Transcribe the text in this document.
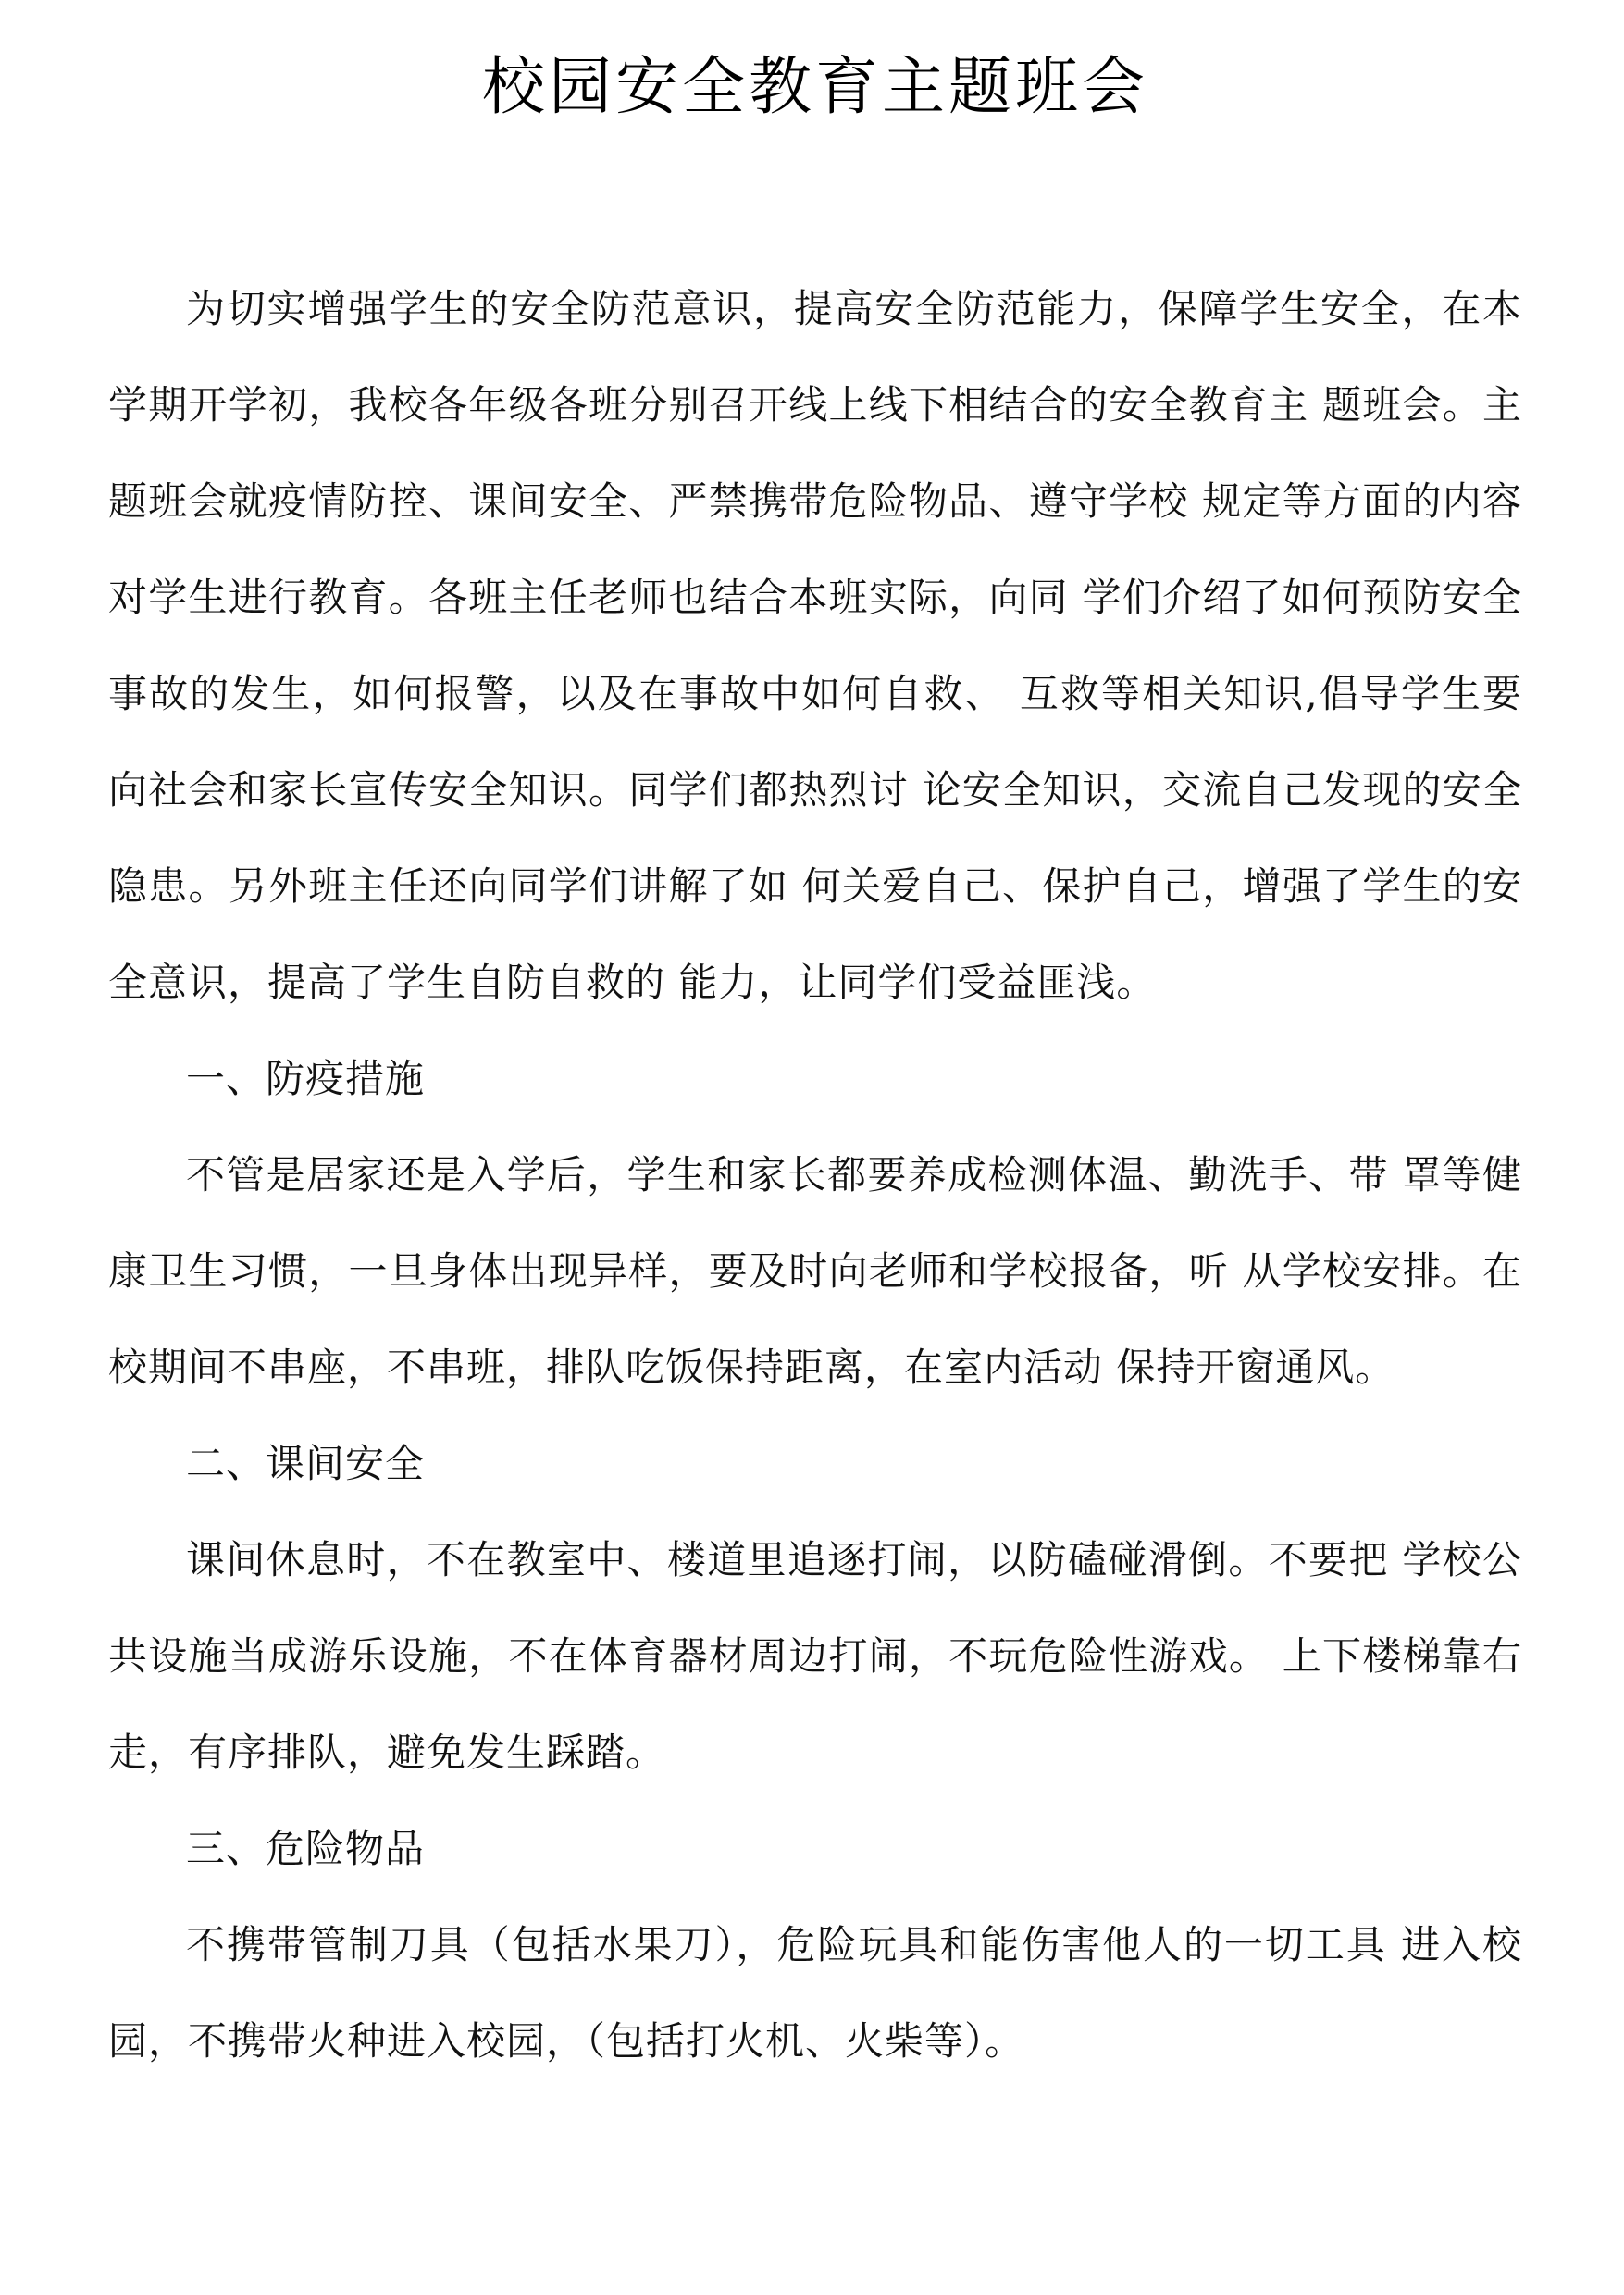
校园安全教育主题班会

为切实增强学生的安全防范意识，提高安全防范能力，保障学生安全，在本学期开学初，我校各年级各班分别召开线上线下相结合的安全教育主 题班会。主题班会就疫情防控、课间安全、严禁携带危险物品、遵守学校 规定等方面的内容对学生进行教育。各班主任老师也结合本班实际，向同 学们介绍了如何预防安全事故的发生，如何报警，以及在事故中如何自救、 互救等相关知识,倡导学生要向社会和家长宣传安全知识。同学们都热烈讨 论安全知识，交流自己发现的安全隐患。另外班主任还向同学们讲解了如 何关爱自己、保护自己，增强了学生的安全意识，提高了学生自防自救的 能力，让同学们受益匪浅。

一、防疫措施

不管是居家还是入学后，学生和家长都要养成检测体温、勤洗手、带 罩等健康卫生习惯，一旦身体出现异样，要及时向老师和学校报备，听 从学校安排。在校期间不串座，不串班，排队吃饭保持距离，在室内活动 保持开窗通风。

二、课间安全

课间休息时，不在教室中、楼道里追逐打闹，以防磕碰滑倒。不要把 学校公共设施当成游乐设施，不在体育器材周边打闹，不玩危险性游戏。 上下楼梯靠右走，有序排队，避免发生踩踏。

三、危险物品

不携带管制刀具（包括水果刀），危险玩具和能伤害他人的一切工具 进入校园，不携带火种进入校园，（包括打火机、火柴等）。
